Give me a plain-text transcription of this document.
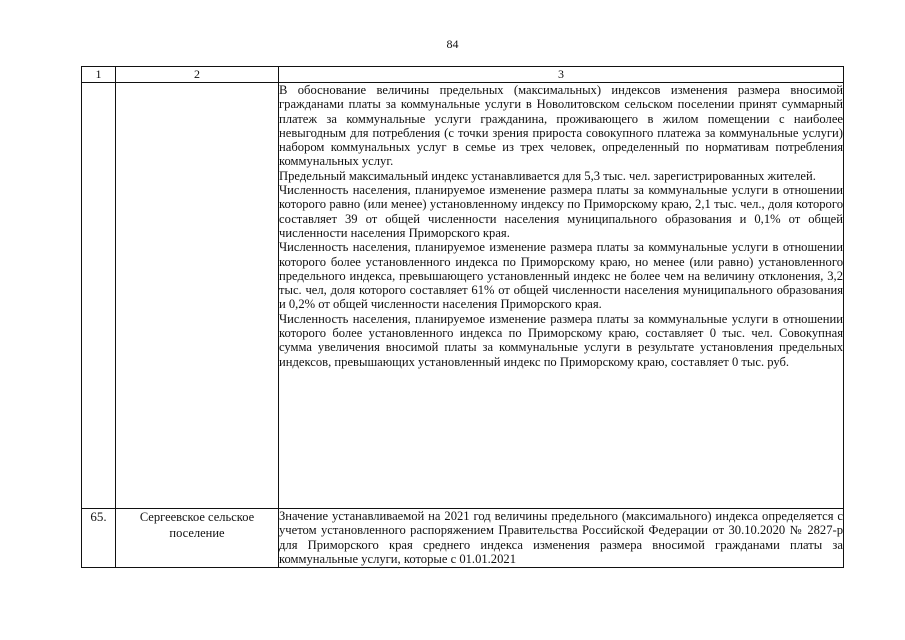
84
1	2	3

		В обоснование величины предельных (максимальных) индексов изменения размера вносимой гражданами платы за коммунальные услуги в Новолитовском сельском поселении принят суммарный платеж за коммунальные услуги гражданина, проживающего в жилом помещении с наиболее невыгодным для потребления (с точки зрения прироста совокупного платежа за коммунальные услуги) набором коммунальных услуг в семье из трех человек, определенный по нормативам потребления коммунальных услуг.

Предельный максимальный индекс устанавливается для 5,3 тыс. чел. зарегистрированных жителей.

Численность населения, планируемое изменение размера платы за коммунальные услуги в отношении которого равно (или менее) установленному индексу по Приморскому краю, 2,1 тыс. чел., доля которого составляет 39 от общей численности населения муниципального образования и 0,1% от общей численности населения Приморского края.

Численность населения, планируемое изменение размера платы за коммунальные услуги в отношении которого более установленного индекса по Приморскому краю, но менее (или равно) установленного предельного индекса, превышающего установленный индекс не более чем на величину отклонения, 3,2 тыс. чел, доля которого составляет 61% от общей численности населения муниципального образования и 0,2% от общей численности населения Приморского края.

Численность населения, планируемое изменение размера платы за коммунальные услуги в отношении которого более установленного индекса по Приморскому краю, составляет 0 тыс. чел. Совокупная сумма увеличения вносимой платы за коммунальные услуги в результате установления предельных индексов, превышающих установленный индекс по Приморскому краю, составляет 0 тыс. руб.

65.	Сергеевское сельское поселение	Значение устанавливаемой на 2021 год величины предельного (максимального) индекса определяется с учетом установленного распоряжением Правительства Российской Федерации от 30.10.2020 № 2827-р для Приморского края среднего индекса изменения размера вносимой гражданами платы за коммунальные услуги, которые с 01.01.2021
